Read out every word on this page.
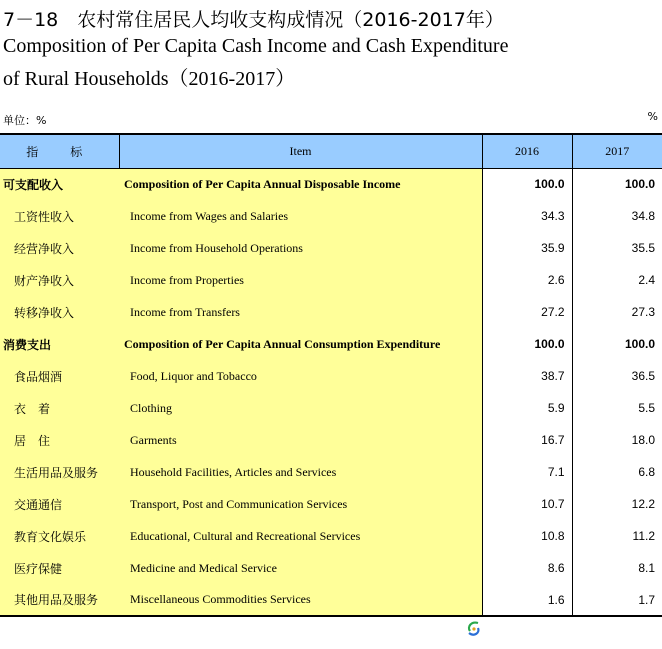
7－18　农村常住居民人均收支构成情况（2016-2017年）
Composition of Per Capita Cash Income and Cash Expenditure
of Rural Households（2016-2017）
单位：%	%
指　标	Item	2016	2017
可支配收入	Composition of Per Capita Annual Disposable Income	100.0	100.0
工资性收入	Income from Wages and Salaries	34.3	34.8
经营净收入	Income from Household Operations	35.9	35.5
财产净收入	Income from Properties	2.6	2.4
转移净收入	Income from Transfers	27.2	27.3
消费支出	Composition of Per Capita Annual Consumption Expenditure	100.0	100.0
食品烟酒	Food, Liquor and Tobacco	38.7	36.5
衣　着	Clothing	5.9	5.5
居　住	Garments	16.7	18.0
生活用品及服务	Household Facilities, Articles and Services	7.1	6.8
交通通信	Transport, Post and Communication Services	10.7	12.2
教育文化娱乐	Educational, Cultural and Recreational Services	10.8	11.2
医疗保健	Medicine and Medical Service	8.6	8.1
其他用品及服务	Miscellaneous Commodities Services	1.6	1.7
